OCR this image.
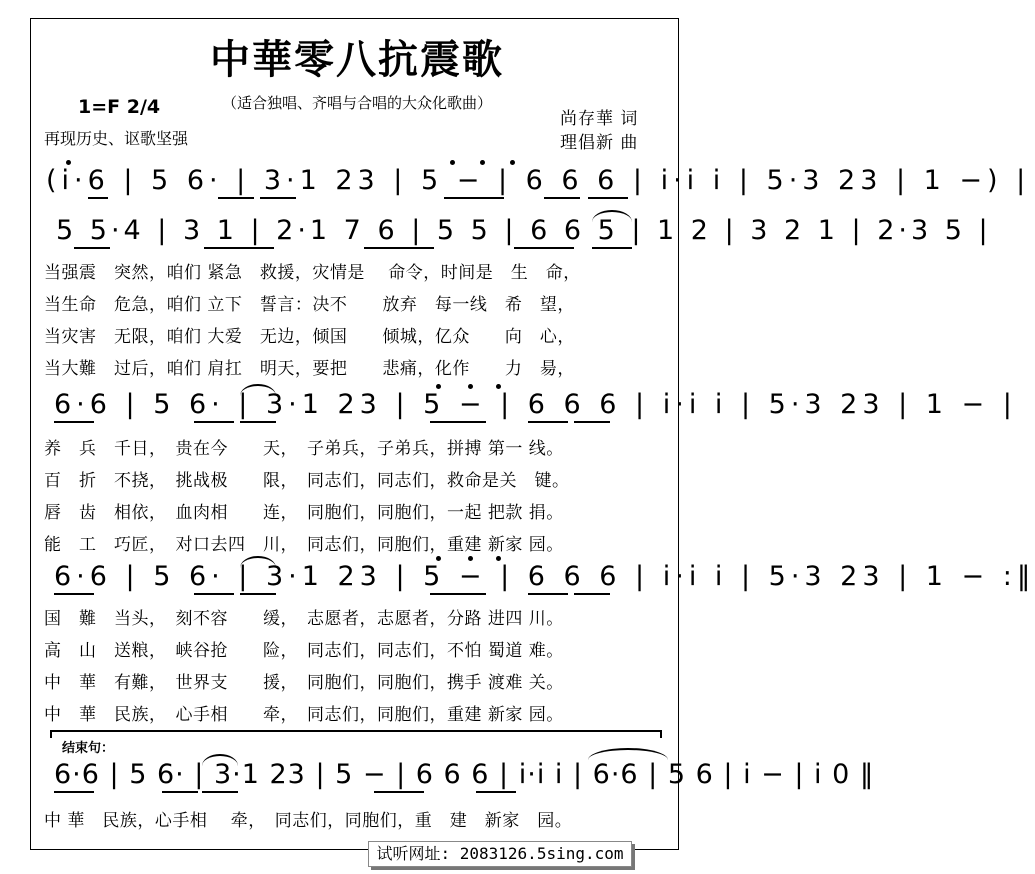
中華零八抗震歌
（适合独唱、齐唱与合唱的大众化歌曲）
1=F 2/4
再现历史、讴歌坚强
尚存華 词
理倡新 曲
(i·6 | 5 6· | 3·1 23 | 5 − | 6 6 6 | i·i i | 5·3 23 | 1 −) |
5 5·4 | 3 1 | 2·1 7 6 | 5 5 | 6 6 5 | 1 2 | 3 2 1 | 2·3 5 |
当强震　突然，咱们 紧急　救援，灾情是　 命令，时间是　生　命，
当生命　危急，咱们 立下　誓言：决不　　放弃　每一线　希　望，
当灾害　无限，咱们 大爱　无边，倾国　　倾城，亿众　　向　心，
当大難　过后，咱们 肩扛　明天，要把　　悲痛，化作　　力　昜，
6·6 | 5 6· | 3·1 23 | 5 − | 6 6 6 | i·i i | 5·3 23 | 1 − |
养　兵　千日，　贵在今　　天，　子弟兵，子弟兵，拼搏 第一 线。
百　折　不挠，　挑战极　　限，　同志们，同志们，救命是关　键。
唇　齿　相依，　血肉相　　连，　同胞们，同胞们，一起 把款 捐。
能　工　巧匠，　对口去四　川，　同志们，同胞们，重建 新家 园。
6·6 | 5 6· | 3·1 23 | 5 − | 6 6 6 | i·i i | 5·3 23 | 1 − :‖
国　難　当头，　刻不容　　缓，　志愿者，志愿者，分路 进四 川。
高　山　送粮，　峡谷抢　　险，　同志们，同志们，不怕 蜀道 难。
中　華　有難，　世界支　　援，　同胞们，同胞们，携手 渡难 关。
中　華　民族，　心手相　　牵，　同志们，同胞们，重建 新家 园。
结束句：
6·6 | 5 6· | 3·1 23 | 5 − | 6 6 6 | i·i i | 6·6 | 5 6 | i − | i 0 ‖
中 華　民族，心手相　 牵，　同志们，同胞们，重　建　新家　园。
试听网址: 2083126.5sing.com
